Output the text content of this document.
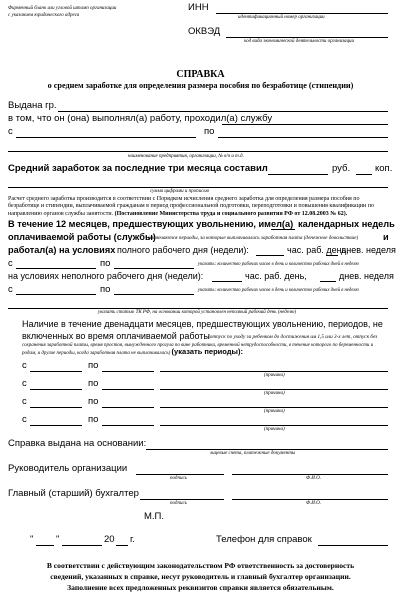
Фирменный бланк или угловой штамп организации
с указанием юридического адреса
ИНН
идентификационный номер организации
ОКВЭД
код вида экономической деятельности организации
СПРАВКА
о среднем заработке для определения размера пособия по безработице (стипендии)
Выдана гр.
в том, что он (она) выполнял(а) работу, проходил(а) службу
с	по
наименование предприятия, организации, № в/ч и т.д.
Средний заработок за последние три месяца составил	руб.	коп.
сумма цифрами и прописью
Расчет среднего заработка производится в соответствии с Порядком исчисления среднего заработка для определения размера пособия по безработице и стипендии, выплачиваемой гражданам в период профессиональной подготовки, переподготовки и повышения квалификации по направлению органов службы занятости. (Постановление Министерства труда и социального развития РФ от 12.08.2003 № 62).
В течение 12 месяцев, предшествующих увольнению, имел(а) календарных недель
оплачиваемой работы (службы)
(включаются периоды, за которые выплачивалась заработная плата (денежное довольствие)	и
работал(а) на условиях полного рабочего дня (недели):	час. раб. день,
днев. неделя
с	по	указать: количество рабочих часов в день и количество рабочих дней в неделю
на условиях неполного рабочего дня (недели):	час. раб. день,	днев. неделя
с	по	указать: количество рабочих часов в день и количество рабочих дней в неделю
указать статью ТК РФ, на основании которой установлен неполный рабочий день (неделю)
Наличие в течение двенадцати месяцев, предшествующих увольнению, периодов, не
включенных во время оплачиваемой работы
(отпуск по уходу за ребенком до достижения им 1,5 или 3-х лет, отпуск без
сохранения заработной платы, время простоя, вынужденного прогула по вине работника, временной нетрудоспособности, в течение которого по беременности и родам, и другие периоды, когда заработная плата не выплачивалась) (указать периоды):
с	по
(причина)
с	по
(причина)
с	по
(причина)
с	по
(причина)
Справка выдана на основании:
лицевые счета, платежные документы
Руководитель организации
подпись	Ф.И.О.
Главный (старший) бухгалтер
подпись	Ф.И.О.
М.П.
" "	20 г.	Телефон для справок
В соответствии с действующим законодательством РФ ответственность за достоверность
сведений, указанных в справке, несут руководитель и главный бухгалтер организации.
Заполнение всех предложенных реквизитов справки является обязательным.
